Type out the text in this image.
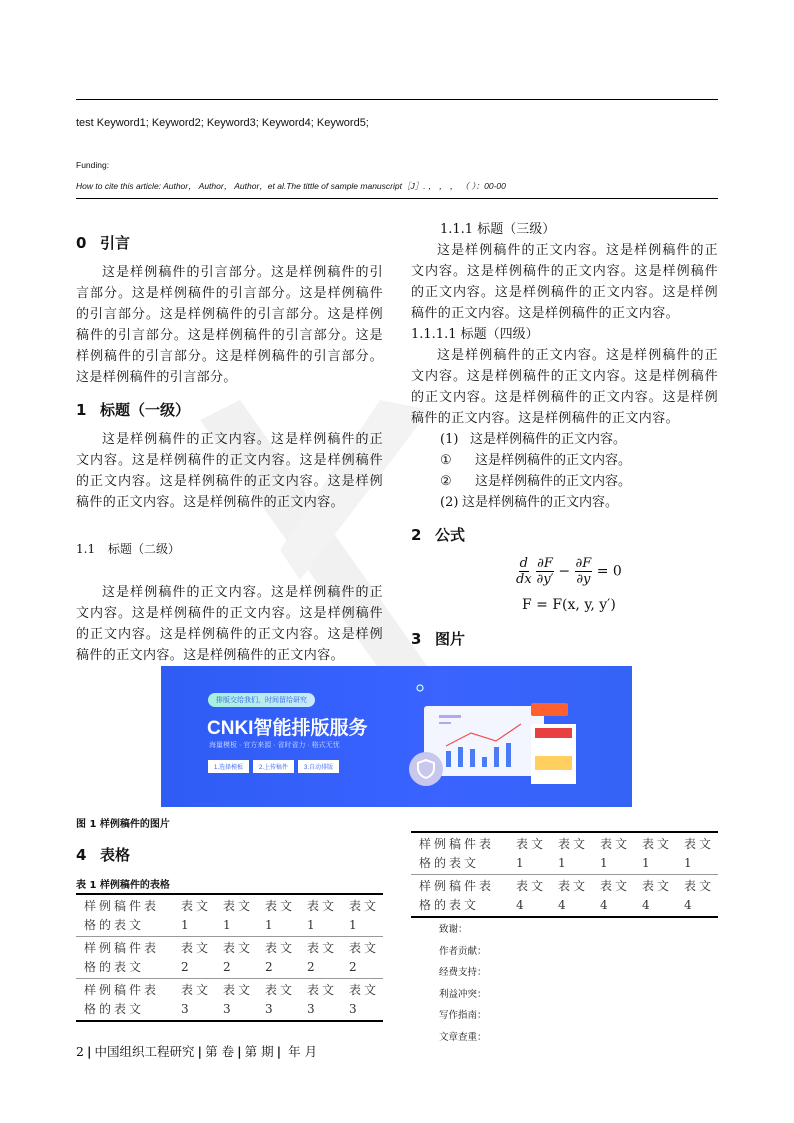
test Keyword1; Keyword2; Keyword3; Keyword4; Keyword5;
Funding:
How to cite this article: Author， Author， Author，et al.The tittle of sample manuscript［J］. ， ， ， （ ）：00-00
0 引言
这是样例稿件的引言部分。这是样例稿件的引言部分。这是样例稿件的引言部分。这是样例稿件的引言部分。这是样例稿件的引言部分。这是样例稿件的引言部分。这是样例稿件的引言部分。这是样例稿件的引言部分。这是样例稿件的引言部分。这是样例稿件的引言部分。
1 标题（一级）
这是样例稿件的正文内容。这是样例稿件的正文内容。这是样例稿件的正文内容。这是样例稿件的正文内容。这是样例稿件的正文内容。这是样例稿件的正文内容。这是样例稿件的正文内容。
1.1 标题（二级）
这是样例稿件的正文内容。这是样例稿件的正文内容。这是样例稿件的正文内容。这是样例稿件的正文内容。这是样例稿件的正文内容。这是样例稿件的正文内容。这是样例稿件的正文内容。
1.1.1 标题（三级）
这是样例稿件的正文内容。这是样例稿件的正文内容。这是样例稿件的正文内容。这是样例稿件的正文内容。这是样例稿件的正文内容。这是样例稿件的正文内容。这是样例稿件的正文内容。
1.1.1.1 标题（四级）
这是样例稿件的正文内容。这是样例稿件的正文内容。这是样例稿件的正文内容。这是样例稿件的正文内容。这是样例稿件的正文内容。这是样例稿件的正文内容。这是样例稿件的正文内容。
(1) 这是样例稿件的正文内容。
① 这是样例稿件的正文内容。
② 这是样例稿件的正文内容。
(2) 这是样例稿件的正文内容。
2 公式
$\frac{d}{dx}$
$\frac{\partial F}{\partial y'} - \frac{\partial F}{\partial y} = 0$
F = F(x, y, y′)
3 图片
排版交给我们，时间留给研究
CNKI智能排版服务
海量模板 · 官方来源 · 省时省力 · 格式无忧
1.选择模板	2.上传稿件	3.自动排版
图 1 样例稿件的图片
4 表格
表 1 样例稿件的表格
样例稿件表格的表文	表文1	表文1	表文1	表文1	表文1
样例稿件表格的表文	表文2	表文2	表文2	表文2	表文2
样例稿件表格的表文	表文3	表文3	表文3	表文3	表文3
样例稿件表格的表文	表文1	表文1	表文1	表文1	表文1
样例稿件表格的表文	表文4	表文4	表文4	表文4	表文4
致谢：
作者贡献：
经费支持：
利益冲突：
写作指南：
文章查重：
2 | 中国组织工程研究 | 第 卷 | 第 期 | 年 月
